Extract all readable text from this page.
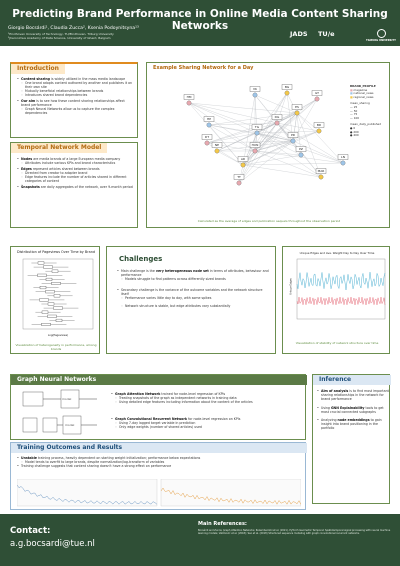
Predicting Brand Performance in Online Media Content Sharing Networks
Giorgio Bocsárdi¹, Claudia Zucca², Ksenia Podoynitsyna¹³
¹Eindhoven University of Technology, TU/Eindhoven, Tilburg University
²Jheronimus Academy of Data Science, University of Ghent, Belgium	JADS TU/e
TILBURG UNIVERSITY
Introduction
• Content sharing is widely utilized in the mass media landscape
◦ One brand adopts content authored by another and publishes it on their own site
◦ Mutually beneficial relationships between brands
◦ Introduces shared brand dependencies
• Our aim is to see how these content sharing relationships affect brand performance
◦ Graph Neural Networks allow us to capture the complex dependencies
Temporal Network Model
• Nodes are media brands of a large European media company
◦ Attributes include various KPIs and brand characteristics
• Edges represent articles shared between brands
◦ Directed from creator to adopter brand
◦ Edge features include the number of articles shared in different categories of content
• Snapshots are daily aggregates of the network, over 9-month period
Example Sharing Network for a Day
HM
VK	BG
GT
HP
ES
DG
TG
NE	HUN
PD
BD
DT
PZ
AD
TT
LN
MAR
BRAND_PROFILE
■ magazine
■ national_news
■ regional_news
mean_sharing
— 25
— 50
— 75
— 100
mean_daily_published
● 0
● 200
● 400
Calculated as the average of edges and publication sequels throughout the observation period
Distribution of Pageviews Over Time by Brand
Log(Pageviews)
Visualization of heterogeneity in performance, among brands
Challenges
• Main challenge is the very heterogeneous node set in terms of attributes, behaviour and performance
◦ Models struggle to find patterns across differently sized brands
• Secondary challenge is the variance of the outcome variables and the network structure itself
◦ Performance varies little day to day, with some spikes
◦ Network structure is stable, but edge attributes vary substantially
Unique Edges and Ave. Weight Day to Day Over Time
Unique Edges
Visualization of stability of network structure over time
Graph Neural Networks
model
model
• Graph Attention Network trained for node-level regression of KPIs
◦ Treating snapshots of the graph as independent networks in training data
◦ Using detailed edge features including information about the content of the articles
• Graph Convolutional Recurrent Network for node-level regression on KPIs
◦ Using 7-day lagged target variable in prediction
◦ Only edge weights (number of shared articles) used
Inference
• Aim of analysis is to find most important sharing relationships in the network for brand performance
• Using GNN Explainability tools to get most crucial connected subgraphs
• Analyzing node embeddings to gain insight into brand positioning in the portfolio
Training Outcomes and Results
• Unstable training process, heavily dependent on starting weight initialization; performance below expectations
◦ Model tends to overfit to large brands, despite normalization/log-transform of variables
• Training challenge suggests that content sharing doesn't have a strong effect on performance
Contact:
a.g.bocsardi@tue.nl
Main References:
Bocsárdi and Zucca; Graph Attention Networks; Rozemberczki et al. (2021). PyTorch Geometric Temporal: Spatiotemporal signal processing with neural machine learning models; Veličković et al. (2018); Seo et al. (2018) Structured sequence modeling with graph convolutional recurrent networks.
